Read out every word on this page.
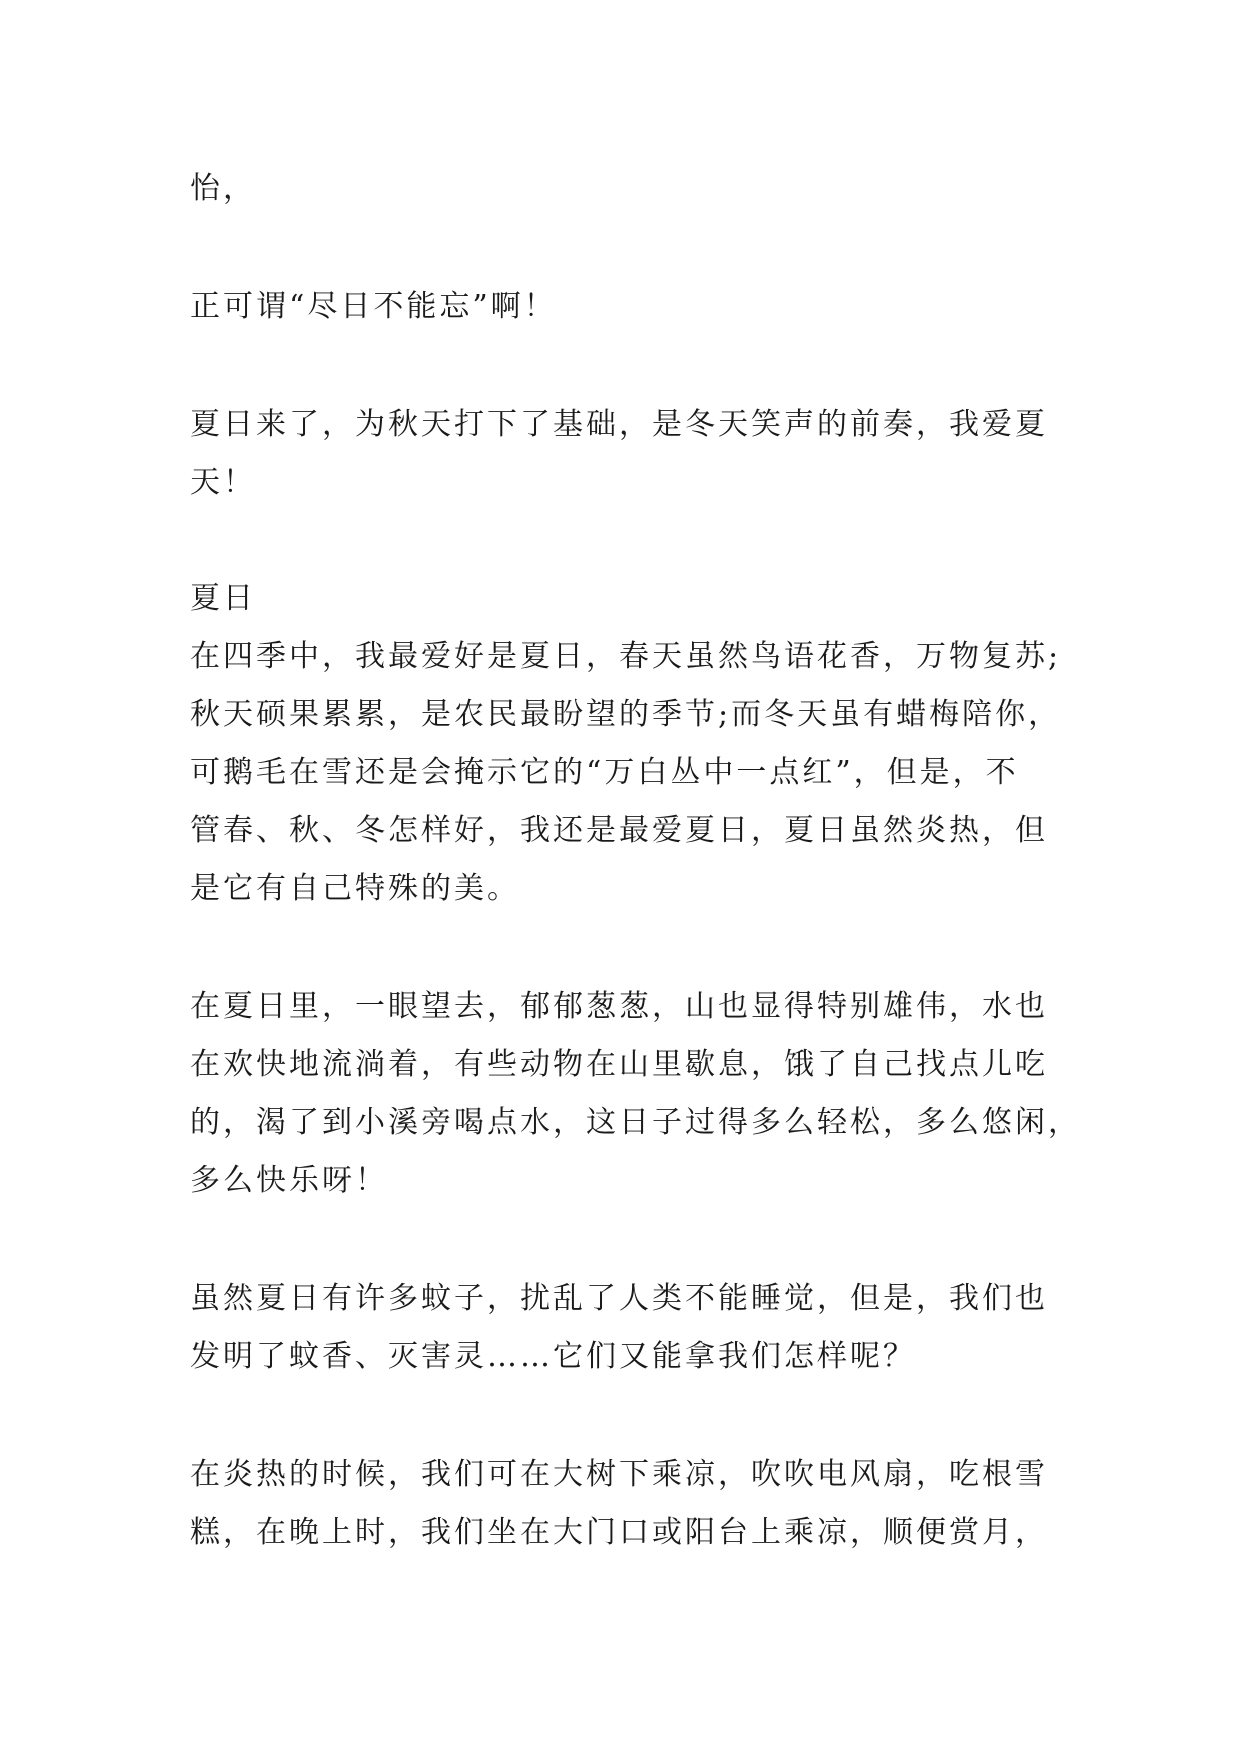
怡，
正可谓“尽日不能忘”啊！
夏日来了，为秋天打下了基础，是冬天笑声的前奏，我爱夏
天！
夏日
在四季中，我最爱好是夏日，春天虽然鸟语花香，万物复苏;
秋天硕果累累，是农民最盼望的季节;而冬天虽有蜡梅陪你，
可鹅毛在雪还是会掩示它的“万白丛中一点红”，但是，不
管春、秋、冬怎样好，我还是最爱夏日，夏日虽然炎热，但
是它有自己特殊的美。
在夏日里，一眼望去，郁郁葱葱，山也显得特别雄伟，水也
在欢快地流淌着，有些动物在山里歇息，饿了自己找点儿吃
的，渴了到小溪旁喝点水，这日子过得多么轻松，多么悠闲，
多么快乐呀！
虽然夏日有许多蚊子，扰乱了人类不能睡觉，但是，我们也
发明了蚊香、灭害灵……它们又能拿我们怎样呢？
在炎热的时候，我们可在大树下乘凉，吹吹电风扇，吃根雪
糕，在晚上时，我们坐在大门口或阳台上乘凉，顺便赏月，
